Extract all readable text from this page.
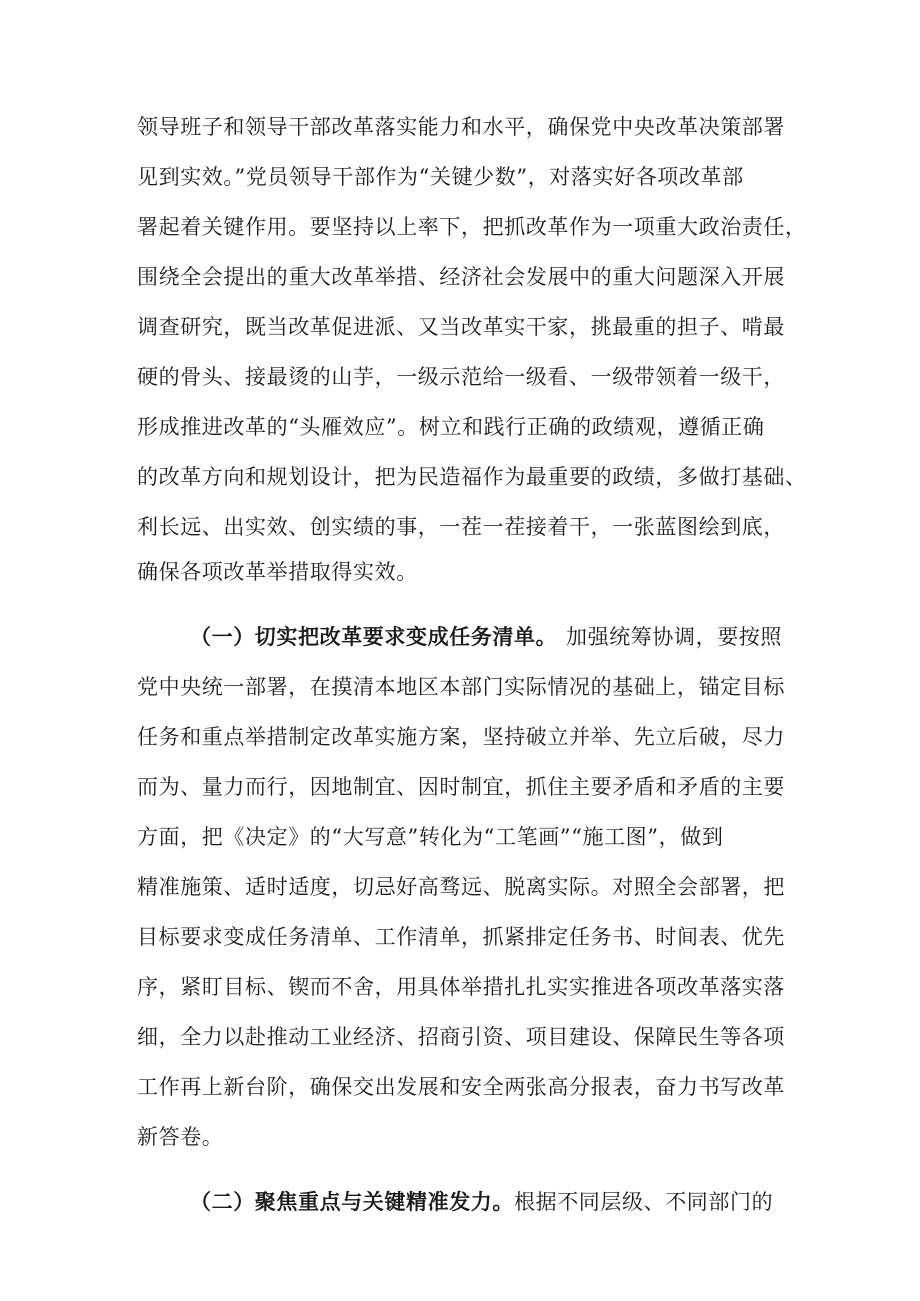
领导班子和领导干部改革落实能力和水平，确保党中央改革决策部署
见到实效。”党员领导干部作为“关键少数”，对落实好各项改革部
署起着关键作用。要坚持以上率下，把抓改革作为一项重大政治责任，
围绕全会提出的重大改革举措、经济社会发展中的重大问题深入开展
调查研究，既当改革促进派、又当改革实干家，挑最重的担子、啃最
硬的骨头、接最烫的山芋，一级示范给一级看、一级带领着一级干，
形成推进改革的“头雁效应”。树立和践行正确的政绩观，遵循正确
的改革方向和规划设计，把为民造福作为最重要的政绩，多做打基础、
利长远、出实效、创实绩的事，一茬一茬接着干，一张蓝图绘到底，
确保各项改革举措取得实效。
（一）切实把改革要求变成任务清单。 加强统筹协调，要按照
党中央统一部署，在摸清本地区本部门实际情况的基础上，锚定目标
任务和重点举措制定改革实施方案，坚持破立并举、先立后破，尽力
而为、量力而行，因地制宜、因时制宜，抓住主要矛盾和矛盾的主要
方面，把《决定》的“大写意”转化为“工笔画”“施工图”，做到
精准施策、适时适度，切忌好高骛远、脱离实际。对照全会部署，把
目标要求变成任务清单、工作清单，抓紧排定任务书、时间表、优先
序，紧盯目标、锲而不舍，用具体举措扎扎实实推进各项改革落实落
细，全力以赴推动工业经济、招商引资、项目建设、保障民生等各项
工作再上新台阶，确保交出发展和安全两张高分报表，奋力书写改革
新答卷。
（二）聚焦重点与关键精准发力。 根据不同层级、不同部门的
